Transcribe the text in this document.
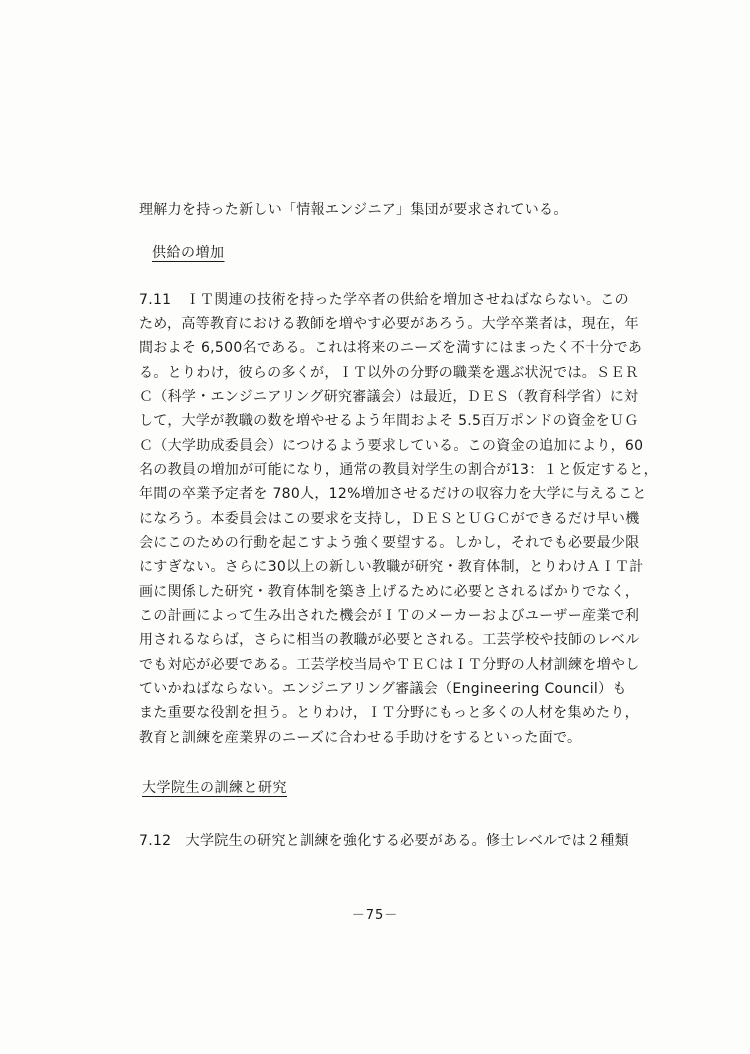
理解力を持った新しい「情報エンジニア」集団が要求されている。
供給の増加
7.11　ＩＴ関連の技術を持った学卒者の供給を増加させねばならない。この
ため，高等教育における教師を増やす必要があろう。大学卒業者は，現在，年
間およそ 6,500名である。これは将来のニーズを満すにはまったく不十分であ
る。とりわけ，彼らの多くが，ＩＴ以外の分野の職業を選ぶ状況では。ＳＥＲ
Ｃ（科学・エンジニアリング研究審議会）は最近，ＤＥＳ（教育科学省）に対
して，大学が教職の数を増やせるよう年間およそ 5.5百万ポンドの資金をＵＧ
Ｃ（大学助成委員会）につけるよう要求している。この資金の追加により，60
名の教員の増加が可能になり，通常の教員対学生の割合が13：１と仮定すると，
年間の卒業予定者を 780人，12%増加させるだけの収容力を大学に与えること
になろう。本委員会はこの要求を支持し，ＤＥＳとＵＧＣができるだけ早い機
会にこのための行動を起こすよう強く要望する。しかし，それでも必要最少限
にすぎない。さらに30以上の新しい教職が研究・教育体制，とりわけＡＩＴ計
画に関係した研究・教育体制を築き上げるために必要とされるばかりでなく，
この計画によって生み出された機会がＩＴのメーカーおよびユーザー産業で利
用されるならば，さらに相当の教職が必要とされる。工芸学校や技師のレベル
でも対応が必要である。工芸学校当局やＴＥＣはＩＴ分野の人材訓練を増やし
ていかねばならない。エンジニアリング審議会（Engineering Council）も
また重要な役割を担う。とりわけ，ＩＴ分野にもっと多くの人材を集めたり，
教育と訓練を産業界のニーズに合わせる手助けをするといった面で。
大学院生の訓練と研究
7.12　大学院生の研究と訓練を強化する必要がある。修士レベルでは２種類
－75－
